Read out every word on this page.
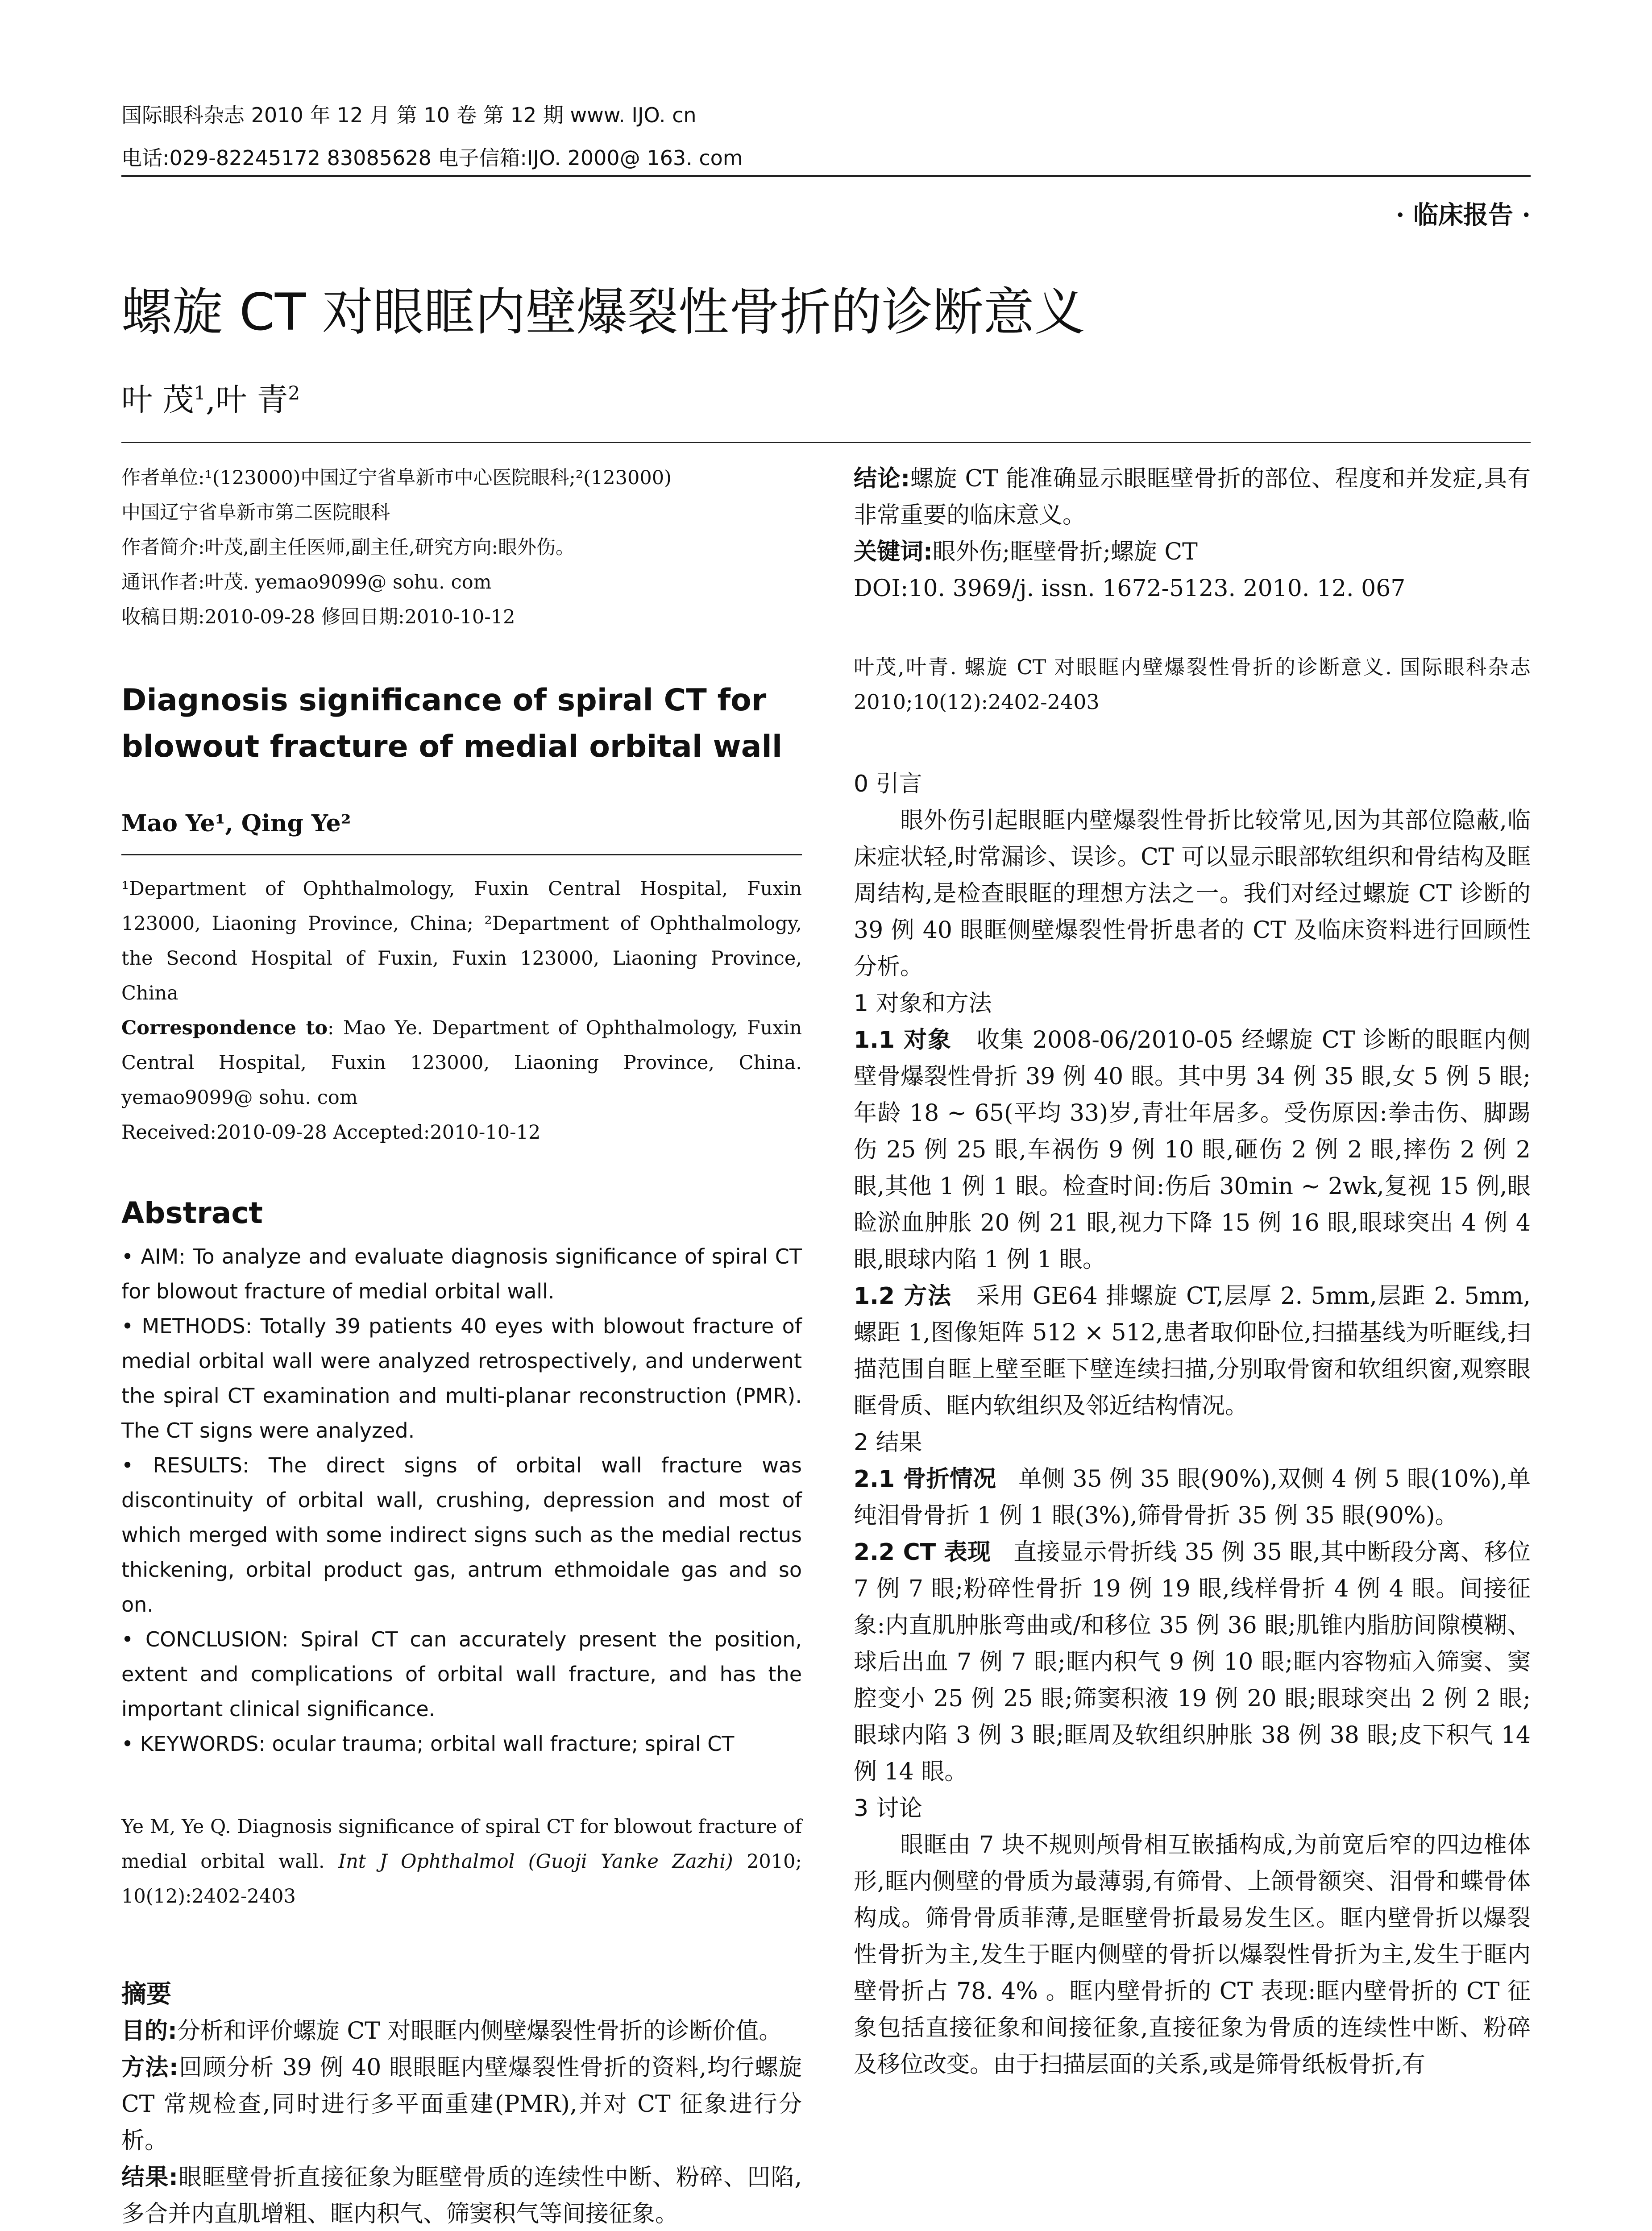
国际眼科杂志 2010 年 12 月 第 10 卷 第 12 期 www. IJO. cn
电话:029-82245172 83085628 电子信箱:IJO. 2000@ 163. com
· 临床报告 ·
螺旋 CT 对眼眶内壁爆裂性骨折的诊断意义
叶 茂$^1$,叶 青$^2$
作者单位:¹(123000)中国辽宁省阜新市中心医院眼科;²(123000)
中国辽宁省阜新市第二医院眼科
作者简介:叶茂,副主任医师,副主任,研究方向:眼外伤。
通讯作者:叶茂. yemao9099@ sohu. com
收稿日期:2010-09-28 修回日期:2010-10-12
Diagnosis significance of spiral CT for
blowout fracture of medial orbital wall
Mao Ye¹, Qing Ye²

¹Department of Ophthalmology, Fuxin Central Hospital, Fuxin 123000, Liaoning Province, China; ²Department of Ophthalmology, the Second Hospital of Fuxin, Fuxin 123000, Liaoning Province, China

Correspondence to: Mao Ye. Department of Ophthalmology, Fuxin Central Hospital, Fuxin 123000, Liaoning Province, China. yemao9099@ sohu. com

Received:2010-09-28 Accepted:2010-10-12
Abstract

• AIM: To analyze and evaluate diagnosis significance of spiral CT for blowout fracture of medial orbital wall.

• METHODS: Totally 39 patients 40 eyes with blowout fracture of medial orbital wall were analyzed retrospectively, and underwent the spiral CT examination and multi-planar reconstruction (PMR). The CT signs were analyzed.

• RESULTS: The direct signs of orbital wall fracture was discontinuity of orbital wall, crushing, depression and most of which merged with some indirect signs such as the medial rectus thickening, orbital product gas, antrum ethmoidale gas and so on.

• CONCLUSION: Spiral CT can accurately present the position, extent and complications of orbital wall fracture, and has the important clinical significance.

• KEYWORDS: ocular trauma; orbital wall fracture; spiral CT

Ye M, Ye Q. Diagnosis significance of spiral CT for blowout fracture of medial orbital wall. Int J Ophthalmol (Guoji Yanke Zazhi) 2010; 10(12):2402-2403

摘要

目的:分析和评价螺旋 CT 对眼眶内侧壁爆裂性骨折的诊断价值。

方法:回顾分析 39 例 40 眼眼眶内壁爆裂性骨折的资料,均行螺旋 CT 常规检查,同时进行多平面重建(PMR),并对 CT 征象进行分析。

结果:眼眶壁骨折直接征象为眶壁骨质的连续性中断、粉碎、凹陷,多合并内直肌增粗、眶内积气、筛窦积气等间接征象。

结论:螺旋 CT 能准确显示眼眶壁骨折的部位、程度和并发症,具有非常重要的临床意义。

关键词:眼外伤;眶壁骨折;螺旋 CT

DOI:10. 3969/j. issn. 1672-5123. 2010. 12. 067

叶茂,叶青. 螺旋 CT 对眼眶内壁爆裂性骨折的诊断意义. 国际眼科杂志 2010;10(12):2402-2403

0 引言

眼外伤引起眼眶内壁爆裂性骨折比较常见,因为其部位隐蔽,临床症状轻,时常漏诊、误诊。CT 可以显示眼部软组织和骨结构及眶周结构,是检查眼眶的理想方法之一。我们对经过螺旋 CT 诊断的 39 例 40 眼眶侧壁爆裂性骨折患者的 CT 及临床资料进行回顾性分析。

1 对象和方法

1.1 对象 收集 2008-06/2010-05 经螺旋 CT 诊断的眼眶内侧壁骨爆裂性骨折 39 例 40 眼。其中男 34 例 35 眼,女 5 例 5 眼;年龄 18 ~ 65(平均 33)岁,青壮年居多。受伤原因:拳击伤、脚踢伤 25 例 25 眼,车祸伤 9 例 10 眼,砸伤 2 例 2 眼,摔伤 2 例 2 眼,其他 1 例 1 眼。检查时间:伤后 30min ~ 2wk,复视 15 例,眼睑淤血肿胀 20 例 21 眼,视力下降 15 例 16 眼,眼球突出 4 例 4 眼,眼球内陷 1 例 1 眼。

1.2 方法 采用 GE64 排螺旋 CT,层厚 2. 5mm,层距 2. 5mm,螺距 1,图像矩阵 512 × 512,患者取仰卧位,扫描基线为听眶线,扫描范围自眶上壁至眶下壁连续扫描,分别取骨窗和软组织窗,观察眼眶骨质、眶内软组织及邻近结构情况。

2 结果

2.1 骨折情况 单侧 35 例 35 眼(90%),双侧 4 例 5 眼(10%),单纯泪骨骨折 1 例 1 眼(3%),筛骨骨折 35 例 35 眼(90%)。

2.2 CT 表现 直接显示骨折线 35 例 35 眼,其中断段分离、移位 7 例 7 眼;粉碎性骨折 19 例 19 眼,线样骨折 4 例 4 眼。间接征象:内直肌肿胀弯曲或/和移位 35 例 36 眼;肌锥内脂肪间隙模糊、球后出血 7 例 7 眼;眶内积气 9 例 10 眼;眶内容物疝入筛窦、窦腔变小 25 例 25 眼;筛窦积液 19 例 20 眼;眼球突出 2 例 2 眼;眼球内陷 3 例 3 眼;眶周及软组织肿胀 38 例 38 眼;皮下积气 14 例 14 眼。

3 讨论

眼眶由 7 块不规则颅骨相互嵌插构成,为前宽后窄的四边椎体形,眶内侧壁的骨质为最薄弱,有筛骨、上颌骨额突、泪骨和蝶骨体构成。筛骨骨质菲薄,是眶壁骨折最易发生区。眶内壁骨折以爆裂性骨折为主,发生于眶内侧壁的骨折以爆裂性骨折为主,发生于眶内壁骨折占 78. 4% 。眶内壁骨折的 CT 表现:眶内壁骨折的 CT 征象包括直接征象和间接征象,直接征象为骨质的连续性中断、粉碎及移位改变。由于扫描层面的关系,或是筛骨纸板骨折,有
